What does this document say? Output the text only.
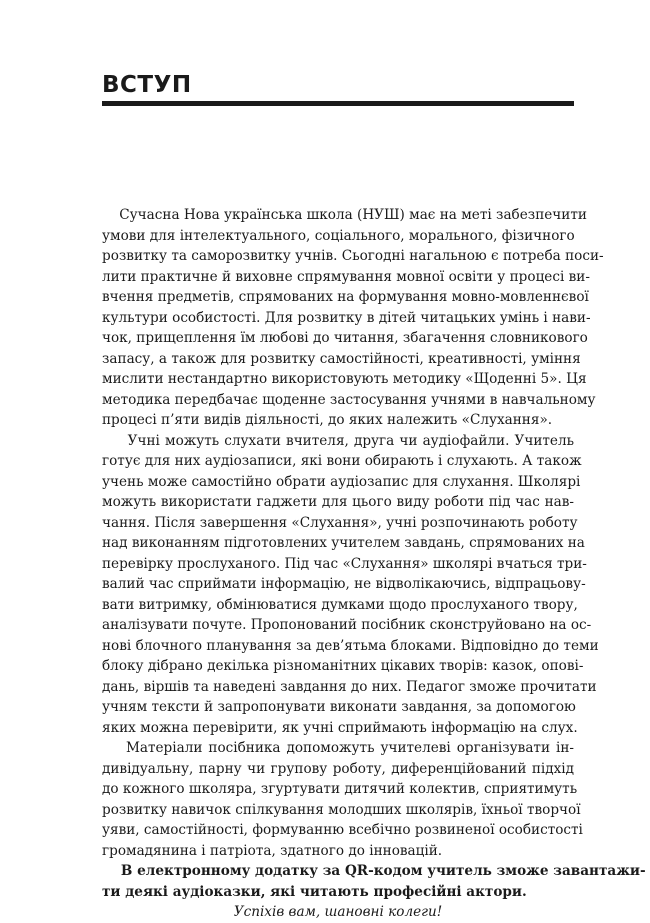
ВСТУП
Сучасна Нова українська школа (НУШ) має на меті забезпечити
умови для інтелектуального, соціального, морального, фізичного
розвитку та саморозвитку учнів. Сьогодні нагальною є потреба поси-
лити практичне й виховне спрямування мовної освіти у процесі ви-
вчення предметів, спрямованих на формування мовно-мовленнєвої
культури особистості. Для розвитку в дітей читацьких умінь і нави-
чок, прищеплення їм любові до читання, збагачення словникового
запасу, а також для розвитку самостійності, креативності, уміння
мислити нестандартно використовують методику «Щоденні 5». Ця
методика передбачає щоденне застосування учнями в навчальному
процесі п’яти видів діяльності, до яких належить «Слухання».
Учні можуть слухати вчителя, друга чи аудіофайли. Учитель
готує для них аудіозаписи, які вони обирають і слухають. А також
учень може самостійно обрати аудіозапис для слухання. Школярі
можуть використати гаджети для цього виду роботи під час нав-
чання. Після завершення «Слухання», учні розпочинають роботу
над виконанням підготовлених учителем завдань, спрямованих на
перевірку прослуханого. Під час «Слухання» школярі вчаться три-
валий час сприймати інформацію, не відволікаючись, відпрацьову-
вати витримку, обмінюватися думками щодо прослуханого твору,
аналізувати почуте. Пропонований посібник сконструйовано на ос-
нові блочного планування за дев’ятьма блоками. Відповідно до теми
блоку дібрано декілька різноманітних цікавих творів: казок, опові-
дань, віршів та наведені завдання до них. Педагог зможе прочитати
учням тексти й запропонувати виконати завдання, за допомогою
яких можна перевірити, як учні сприймають інформацію на слух.
Матеріали посібника допоможуть учителеві організувати ін-
дивідуальну, парну чи групову роботу, диференційований підхід
до кожного школяра, згуртувати дитячий колектив, сприятимуть
розвитку навичок спілкування молодших школярів, їхньої творчої
уяви, самостійності, формуванню всебічно розвиненої особистості
громадянина і патріота, здатного до інновацій.
В електронному додатку за QR-кодом учитель зможе завантажи-
ти деякі аудіоказки, які читають професійні актори.
Успіхів вам, шановні колеги!
